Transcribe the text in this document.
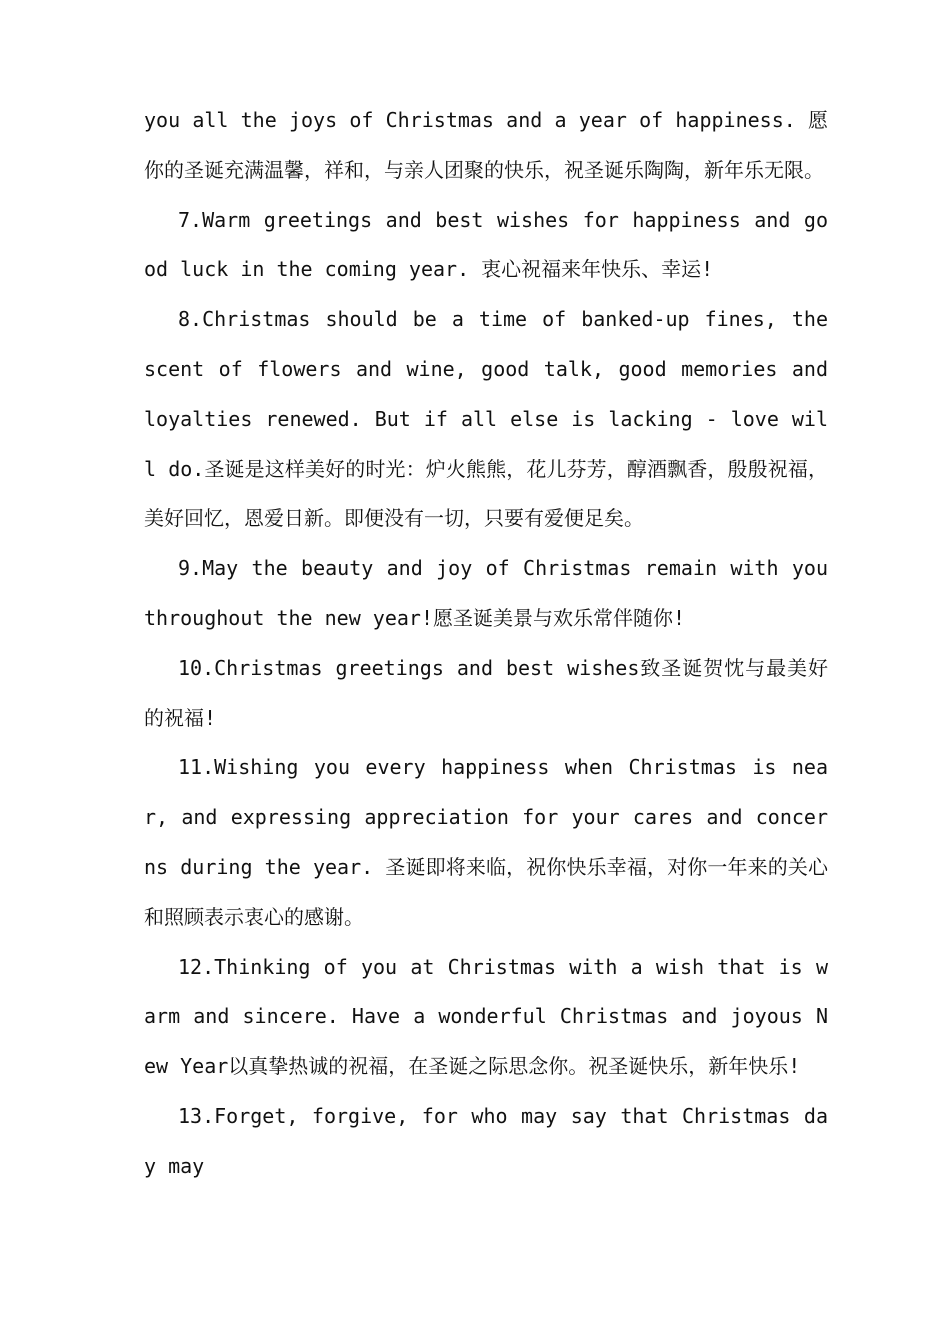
you all the joys of Christmas and a year of happiness. 愿你的圣诞充满温馨，祥和，与亲人团聚的快乐，祝圣诞乐陶陶，新年乐无限。

7.Warm greetings and best wishes for happiness and good luck in the coming year. 衷心祝福来年快乐、幸运!

8.Christmas should be a time of banked-up fines, the scent of flowers and wine, good talk, good memories and loyalties renewed. But if all else is lacking - love will do.圣诞是这样美好的时光：炉火熊熊，花儿芬芳，醇酒飘香，殷殷祝福，美好回忆，恩爱日新。即便没有一切，只要有爱便足矣。

9.May the beauty and joy of Christmas remain with you throughout the new year!愿圣诞美景与欢乐常伴随你!

10.Christmas greetings and best wishes致圣诞贺忱与最美好的祝福!

11.Wishing you every happiness when Christmas is near, and expressing appreciation for your cares and concerns during the year. 圣诞即将来临，祝你快乐幸福，对你一年来的关心和照顾表示衷心的感谢。

12.Thinking of you at Christmas with a wish that is warm and sincere. Have a wonderful Christmas and joyous New Year以真挚热诚的祝福，在圣诞之际思念你。祝圣诞快乐，新年快乐!

13.Forget, forgive, for who may say that Christmas day may
